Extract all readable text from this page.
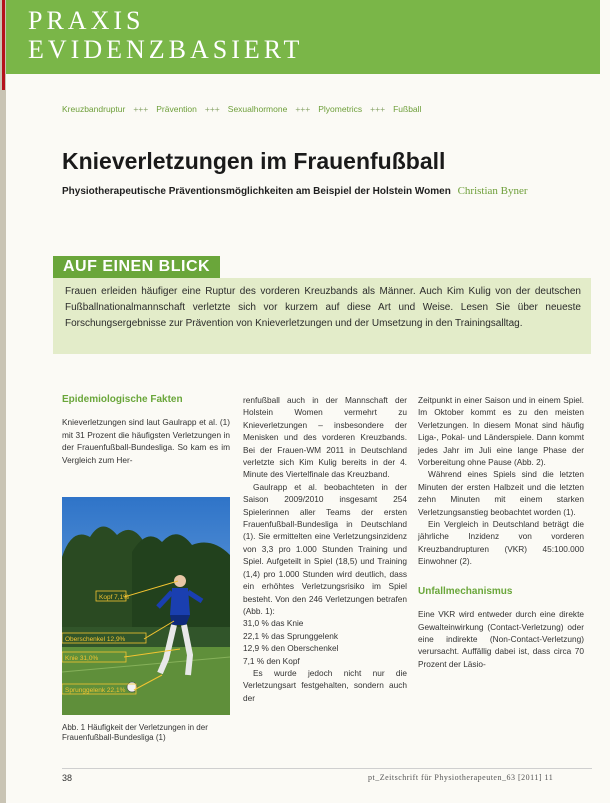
PRAXIS
EVIDENZBASIERT
Kreuzbandruptur +++ Prävention +++ Sexualhormone +++ Plyometrics +++ Fußball
Knieverletzungen im Frauenfußball
Physiotherapeutische Präventionsmöglichkeiten am Beispiel der Holstein Women Christian Byner
AUF EINEN BLICK

Frauen erleiden häufiger eine Ruptur des vorderen Kreuzbands als Männer. Auch Kim Kulig von der deutschen Fußballnationalmannschaft verletzte sich vor kurzem auf diese Art und Weise. Lesen Sie über neueste Forschungsergebnisse zur Prävention von Knieverletzungen und der Umsetzung in den Trainingsalltag.

Epidemiologische Fakten

Knieverletzungen sind laut Gaulrapp et al. (1) mit 31 Prozent die häufigsten Verletzungen in der Frauenfußball-Bundesliga. So kam es im Vergleich zum Her-

Kopf 7,1%
Oberschenkel 12,9%
Knie 31,0%
Sprunggelenk 22,1%
Abb. 1 Häufigkeit der Verletzungen in der Frauenfußball-Bundesliga (1)

renfußball auch in der Mannschaft der Holstein Women vermehrt zu Knieverletzungen – insbesondere der Menisken und des vorderen Kreuzbands. Bei der Frauen-WM 2011 in Deutschland verletzte sich Kim Kulig bereits in der 4. Minute des Viertelfinale das Kreuzband.

Gaulrapp et al. beobachteten in der Saison 2009/2010 insgesamt 254 Spielerinnen aller Teams der ersten Frauenfußball-Bundesliga in Deutschland (1). Sie ermittelten eine Verletzungsinzidenz von 3,3 pro 1.000 Stunden Training und Spiel. Aufgeteilt in Spiel (18,5) und Training (1,4) pro 1.000 Stunden wird deutlich, dass ein erhöhtes Verletzungsrisiko im Spiel besteht. Von den 246 Verletzungen betrafen (Abb. 1):

31,0 % das Knie
22,1 % das Sprunggelenk
12,9 % den Oberschenkel
7,1 % den Kopf

Es wurde jedoch nicht nur die Verletzungsart festgehalten, sondern auch der

Zeitpunkt in einer Saison und in einem Spiel. Im Oktober kommt es zu den meisten Verletzungen. In diesem Monat sind häufig Liga-, Pokal- und Länderspiele. Dann kommt jedes Jahr im Juli eine lange Phase der Vorbereitung ohne Pause (Abb. 2).

Während eines Spiels sind die letzten Minuten der ersten Halbzeit und die letzten zehn Minuten mit einem starken Verletzungsanstieg beobachtet worden (1).

Ein Vergleich in Deutschland beträgt die jährliche Inzidenz von vorderen Kreuzbandrupturen (VKR) 45:100.000 Einwohner (2).

Unfallmechanismus

Eine VKR wird entweder durch eine direkte Gewalteinwirkung (Contact-Verletzung) oder eine indirekte (Non-Contact-Verletzung) verursacht. Auffällig dabei ist, dass circa 70 Prozent der Läsio-

38	pt_Zeitschrift für Physiotherapeuten_63 [2011] 11
